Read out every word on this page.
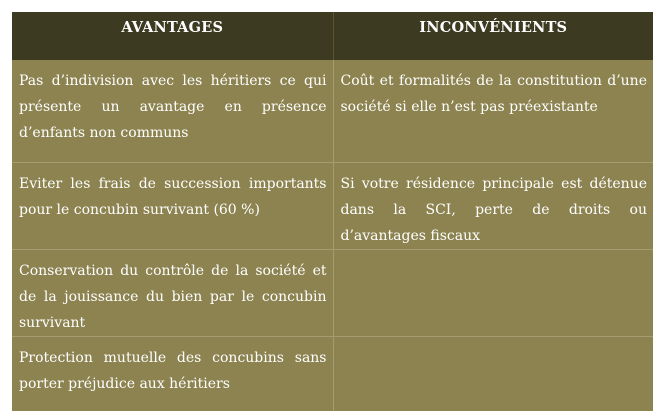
AVANTAGES	INCONVÉNIENTS
Pas d’indivision avec les héritiers ce qui présente un avantage en présence d’enfants non communs	Coût et formalités de la constitution d’une société si elle n’est pas préexistante
Eviter les frais de succession importants pour le concubin survivant (60 %)	Si votre résidence principale est détenue dans la SCI, perte de droits ou d’avantages fiscaux
Conservation du contrôle de la société et de la jouissance du bien par le concubin survivant	
Protection mutuelle des concubins sans porter préjudice aux héritiers	
